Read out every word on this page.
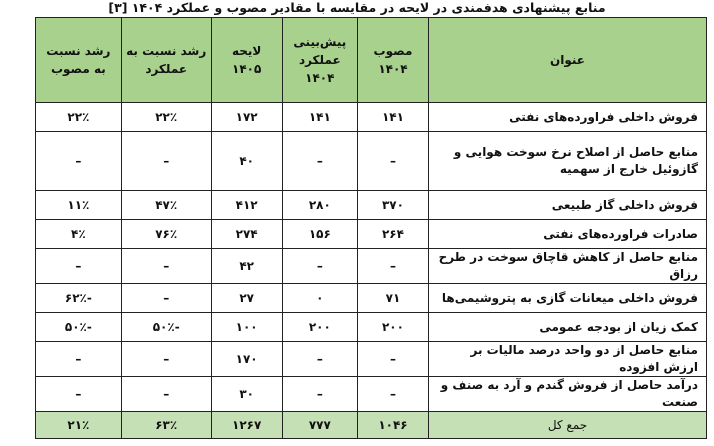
منابع پیشنهادی هدفمندی در لایحه در مقایسه با مقادیر مصوب و عملکرد ۱۴۰۴ [۳]
عنوان	مصوب ۱۴۰۴	پیش‌بینی عملکرد ۱۴۰۴	لایحه ۱۴۰۵	رشد نسبت به عملکرد	رشد نسبت به مصوب
فروش داخلی فراورده‌های نفتی	۱۴۱	۱۴۱	۱۷۲	۲۲٪	۲۲٪
منابع حاصل از اصلاح نرخ سوخت هوایی و گازوئیل خارج از سهمیه	–	–	۴۰	–	–
فروش داخلی گاز طبیعی	۳۷۰	۲۸۰	۴۱۲	۴۷٪	۱۱٪
صادرات فراورده‌های نفتی	۲۶۴	۱۵۶	۲۷۴	۷۶٪	۴٪
منابع حاصل از کاهش قاچاق سوخت در طرح رزاق	–	–	۴۲	–	–
فروش داخلی میعانات گازی به پتروشیمی‌ها	۷۱	۰	۲۷	–	-۶۲٪
کمک زیان از بودجه عمومی	۲۰۰	۲۰۰	۱۰۰	-۵۰٪	-۵۰٪
منابع حاصل از دو واحد درصد مالیات بر ارزش افزوده	–	–	۱۷۰	–	–
درآمد حاصل از فروش گندم و آرد به صنف و صنعت	–	–	۳۰	–	–
جمع کل	۱۰۴۶	۷۷۷	۱۲۶۷	۶۳٪	۲۱٪
